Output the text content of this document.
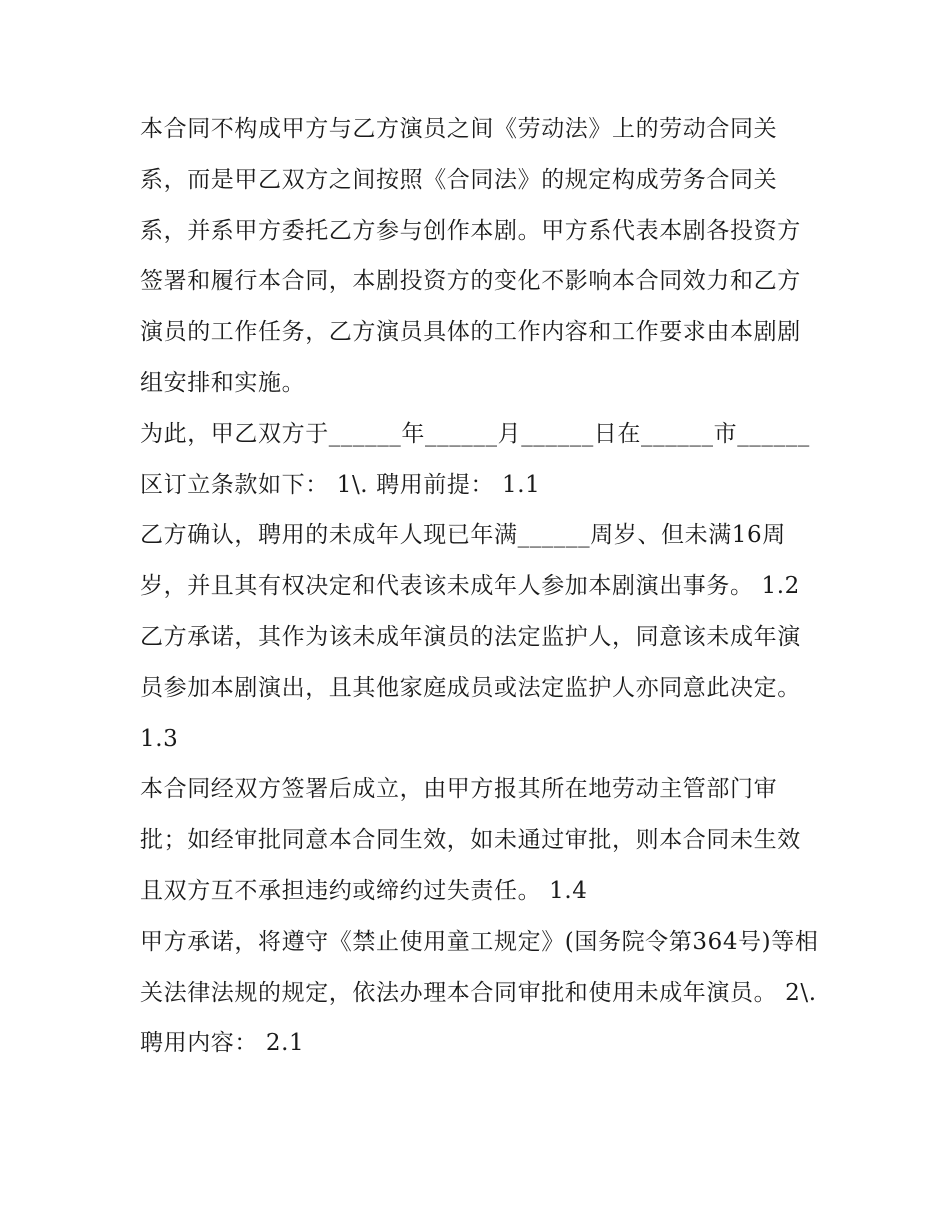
本合同不构成甲方与乙方演员之间《劳动法》上的劳动合同关系，而是甲乙双方之间按照《合同法》的规定构成劳务合同关系，并系甲方委托乙方参与创作本剧。甲方系代表本剧各投资方签署和履行本合同，本剧投资方的变化不影响本合同效力和乙方演员的工作任务，乙方演员具体的工作内容和工作要求由本剧剧组安排和实施。

为此，甲乙双方于______年______月______日在______市______区订立条款如下： 1\. 聘用前提： 1.1

乙方确认，聘用的未成年人现已年满______周岁、但未满16周岁，并且其有权决定和代表该未成年人参加本剧演出事务。 1.2

乙方承诺，其作为该未成年演员的法定监护人，同意该未成年演员参加本剧演出，且其他家庭成员或法定监护人亦同意此决定。 1.3

本合同经双方签署后成立，由甲方报其所在地劳动主管部门审批；如经审批同意本合同生效，如未通过审批，则本合同未生效且双方互不承担违约或缔约过失责任。 1.4

甲方承诺，将遵守《禁止使用童工规定》(国务院令第364号)等相关法律法规的规定，依法办理本合同审批和使用未成年演员。 2\. 聘用内容： 2.1
